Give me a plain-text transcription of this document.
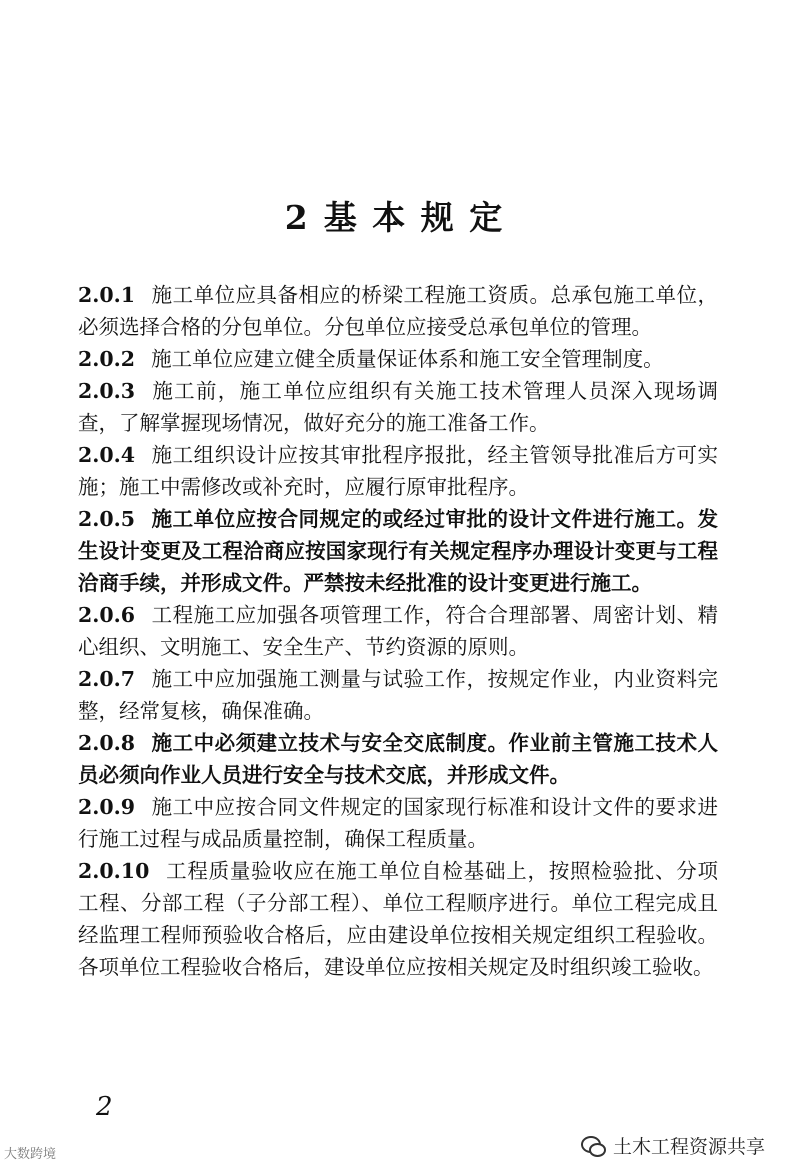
2 基 本 规 定

2.0.1 施工单位应具备相应的桥梁工程施工资质。总承包施工单位，必须选择合格的分包单位。分包单位应接受总承包单位的管理。

2.0.2 施工单位应建立健全质量保证体系和施工安全管理制度。

2.0.3 施工前，施工单位应组织有关施工技术管理人员深入现场调查，了解掌握现场情况，做好充分的施工准备工作。

2.0.4 施工组织设计应按其审批程序报批，经主管领导批准后方可实施；施工中需修改或补充时，应履行原审批程序。

2.0.5 施工单位应按合同规定的或经过审批的设计文件进行施工。发生设计变更及工程洽商应按国家现行有关规定程序办理设计变更与工程洽商手续，并形成文件。严禁按未经批准的设计变更进行施工。

2.0.6 工程施工应加强各项管理工作，符合合理部署、周密计划、精心组织、文明施工、安全生产、节约资源的原则。

2.0.7 施工中应加强施工测量与试验工作，按规定作业，内业资料完整，经常复核，确保准确。

2.0.8 施工中必须建立技术与安全交底制度。作业前主管施工技术人员必须向作业人员进行安全与技术交底，并形成文件。

2.0.9 施工中应按合同文件规定的国家现行标准和设计文件的要求进行施工过程与成品质量控制，确保工程质量。

2.0.10 工程质量验收应在施工单位自检基础上，按照检验批、分项工程、分部工程（子分部工程）、单位工程顺序进行。单位工程完成且经监理工程师预验收合格后，应由建设单位按相关规定组织工程验收。各项单位工程验收合格后，建设单位应按相关规定及时组织竣工验收。

2
大数跨境	土木工程资源共享
